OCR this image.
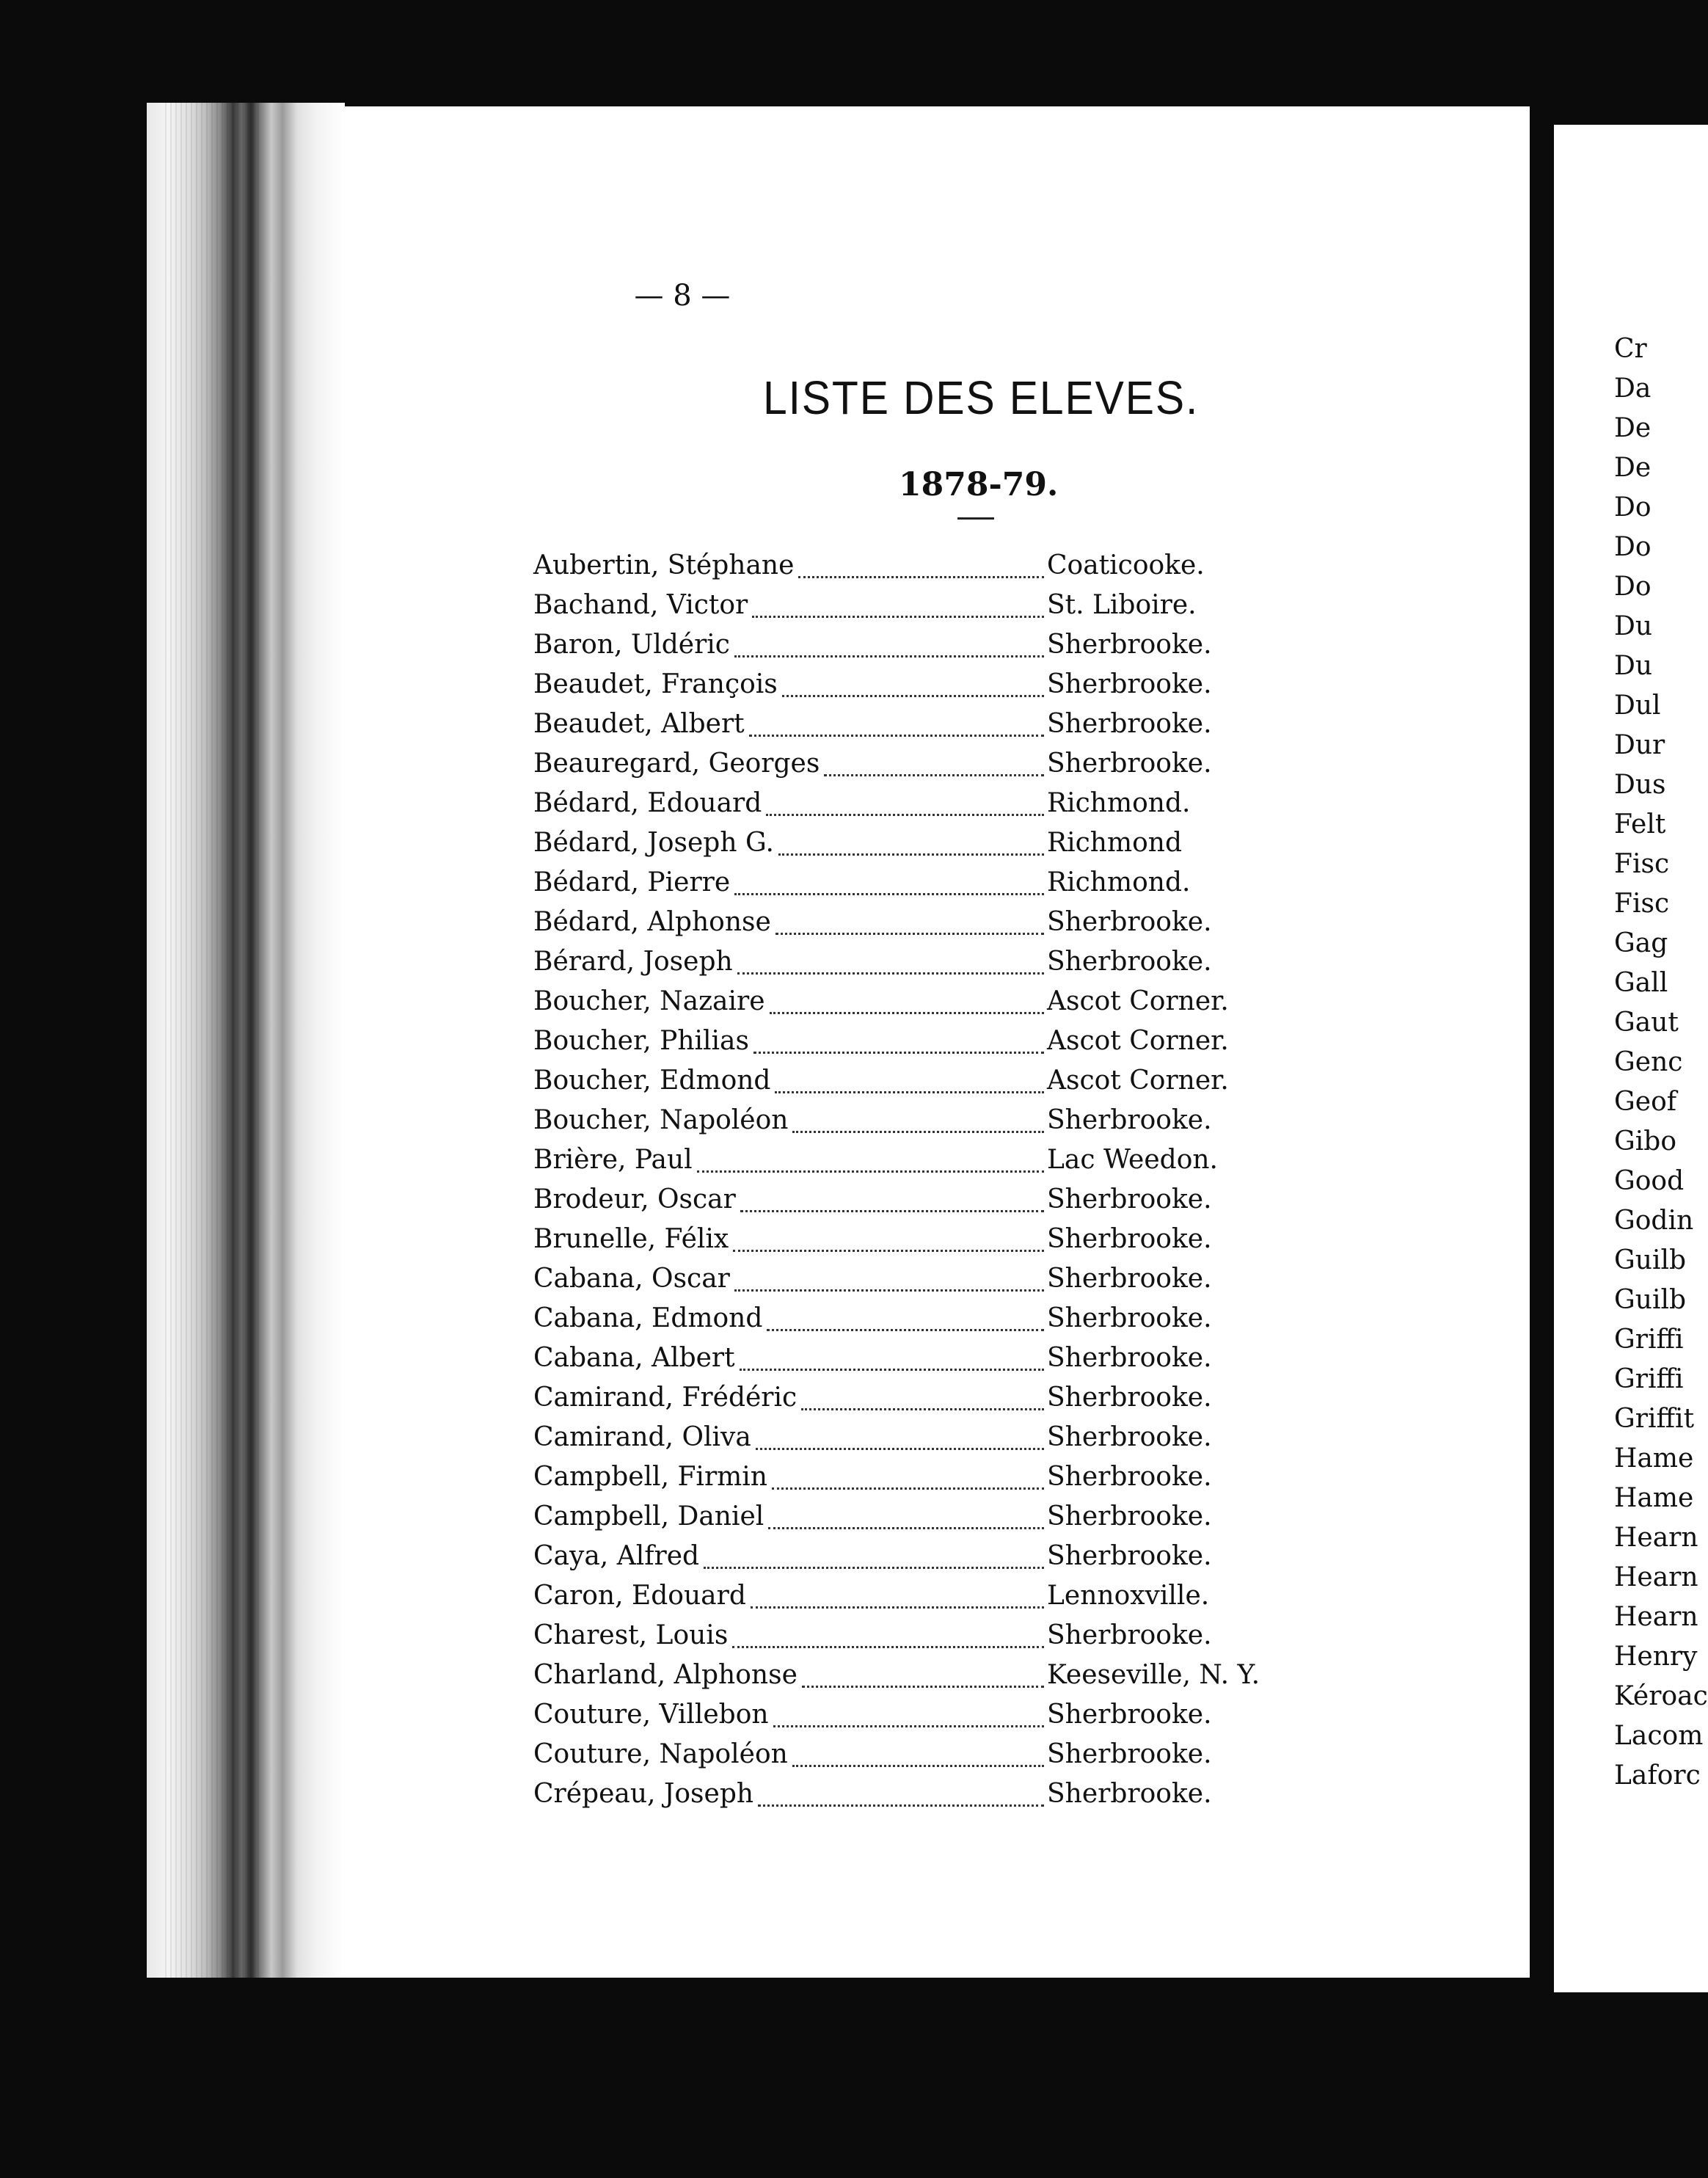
— 8 —
LISTE DES ELEVES.
1878-79.
Aubertin, Stéphane	Coaticooke.
Bachand, Victor	St. Liboire.
Baron, Uldéric	Sherbrooke.
Beaudet, François	Sherbrooke.
Beaudet, Albert	Sherbrooke.
Beauregard, Georges	Sherbrooke.
Bédard, Edouard	Richmond.
Bédard, Joseph G.	Richmond
Bédard, Pierre	Richmond.
Bédard, Alphonse	Sherbrooke.
Bérard, Joseph	Sherbrooke.
Boucher, Nazaire	Ascot Corner.
Boucher, Philias	Ascot Corner.
Boucher, Edmond	Ascot Corner.
Boucher, Napoléon	Sherbrooke.
Brière, Paul	Lac Weedon.
Brodeur, Oscar	Sherbrooke.
Brunelle, Félix	Sherbrooke.
Cabana, Oscar	Sherbrooke.
Cabana, Edmond	Sherbrooke.
Cabana, Albert	Sherbrooke.
Camirand, Frédéric	Sherbrooke.
Camirand, Oliva	Sherbrooke.
Campbell, Firmin	Sherbrooke.
Campbell, Daniel	Sherbrooke.
Caya, Alfred	Sherbrooke.
Caron, Edouard	Lennoxville.
Charest, Louis	Sherbrooke.
Charland, Alphonse	Keeseville, N. Y.
Couture, Villebon	Sherbrooke.
Couture, Napoléon	Sherbrooke.
Crépeau, Joseph	Sherbrooke.
Cr
Da
De
De
Do
Do
Do
Du
Du
Dul
Dur
Dus
Felt
Fisc
Fisc
Gag
Gall
Gaut
Genc
Geof
Gibo
Good
Godin
Guilb
Guilb
Griffi
Griffi
Griffit
Hame
Hame
Hearn
Hearn
Hearn
Henry
Kéroac
Lacom
Laforc
